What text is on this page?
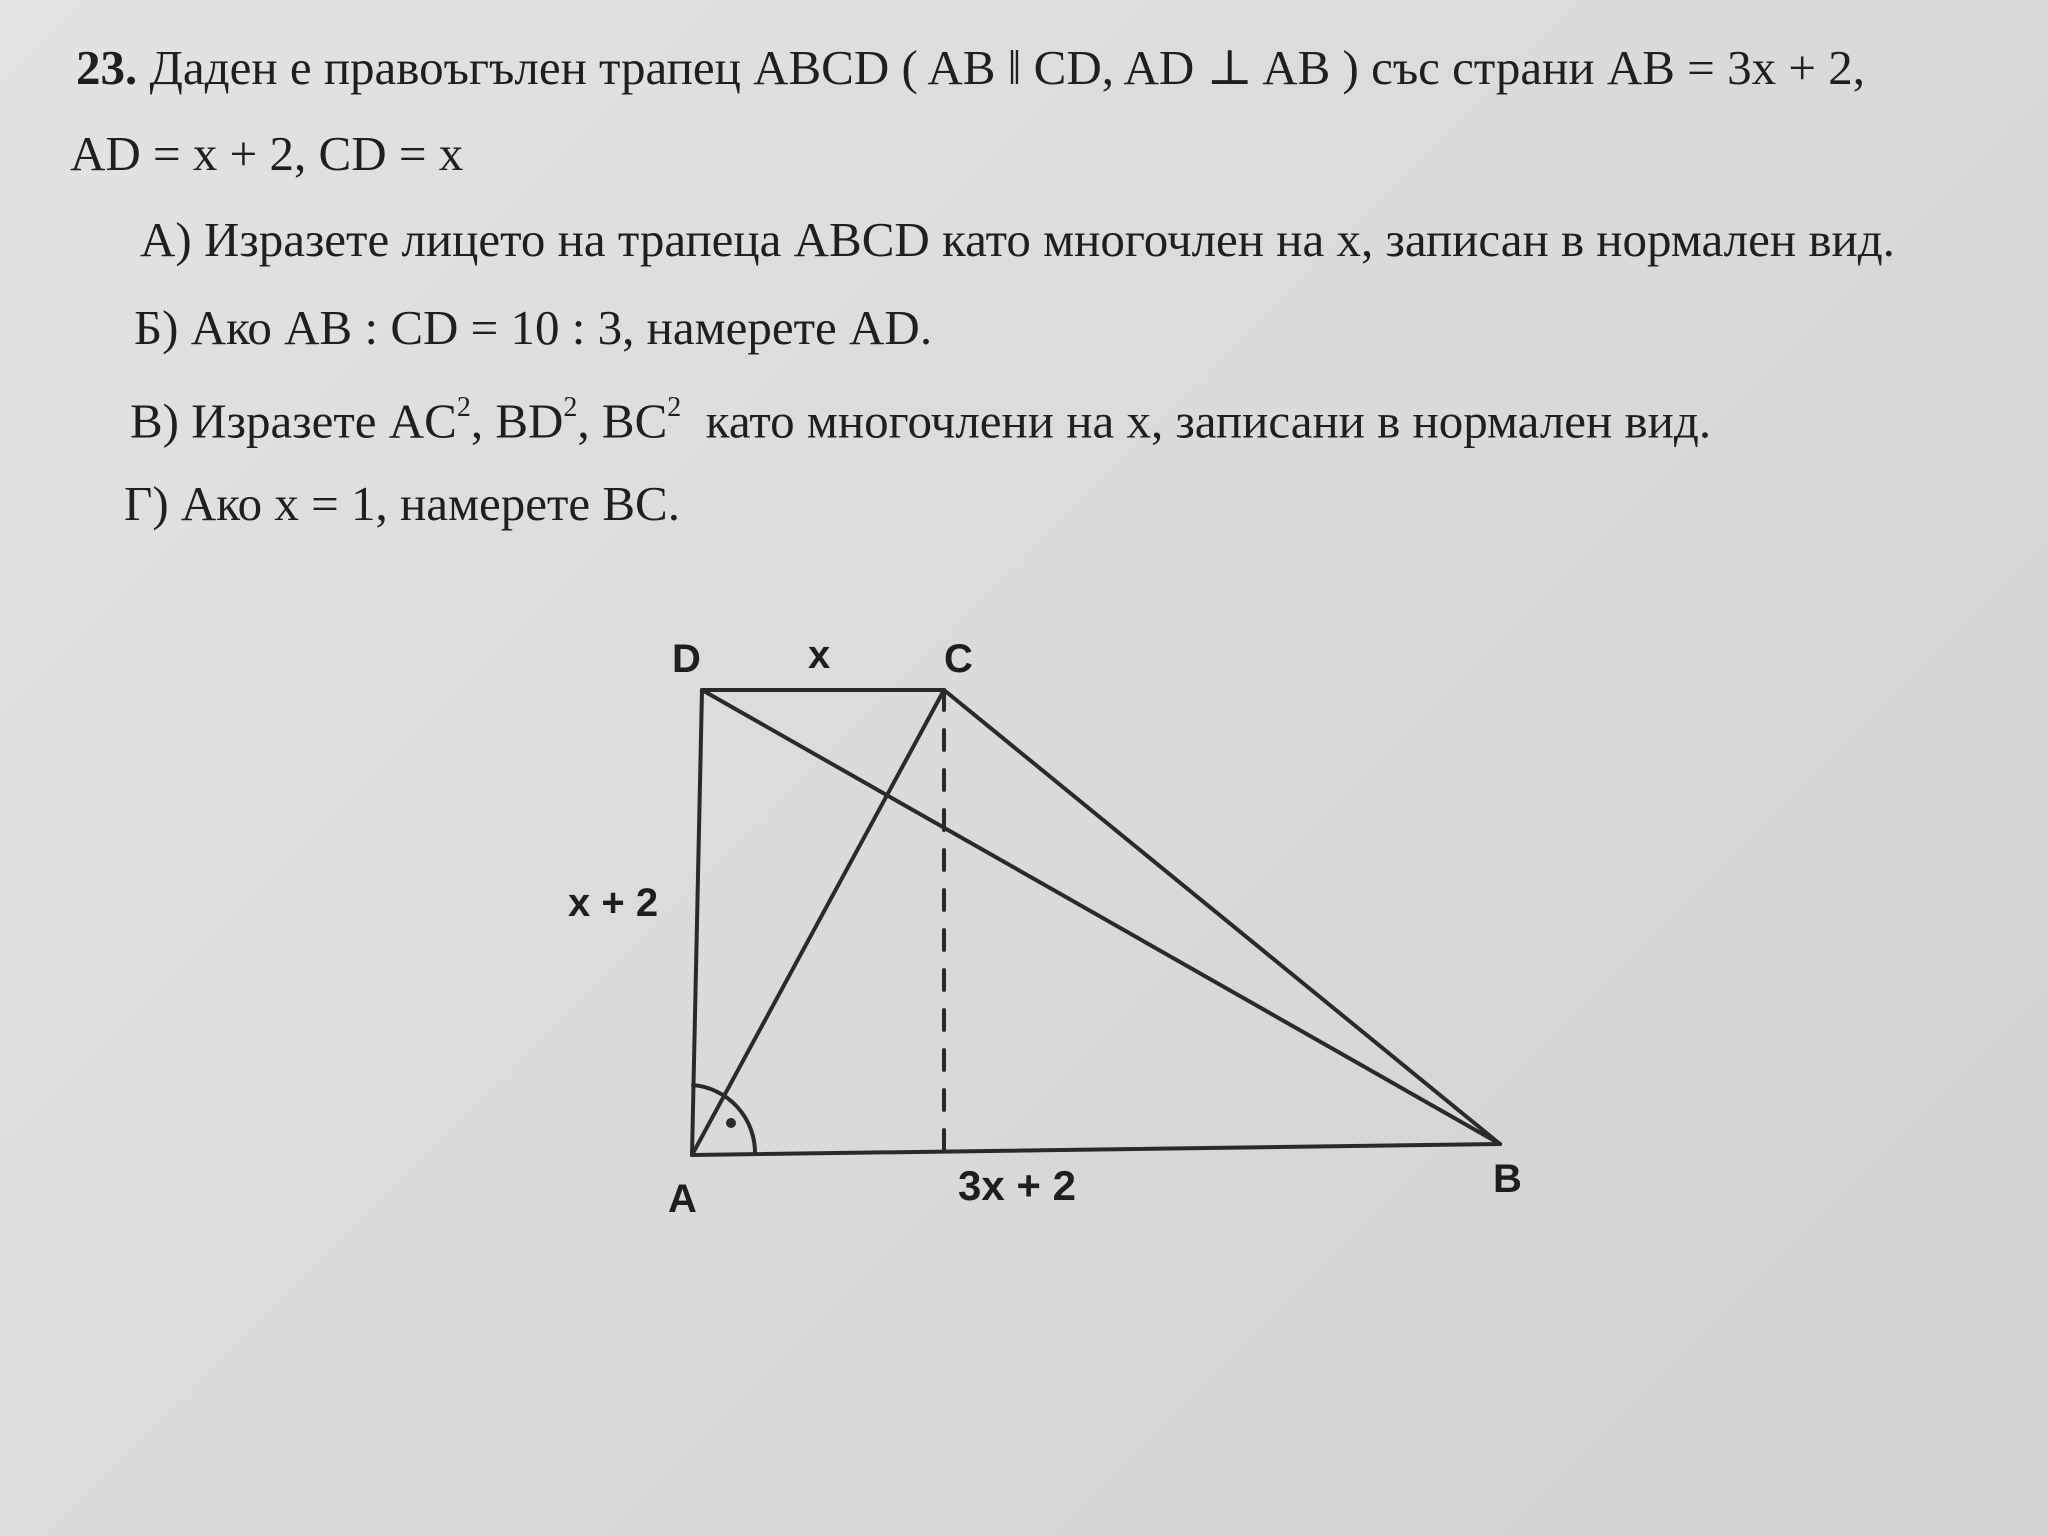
23. Даден е правоъгълен трапец ABCD ( AB ǁ CD, AD ⊥ AB ) със страни AB = 3x + 2,
AD = x + 2, CD = x
А) Изразете лицето на трапеца ABCD като многочлен на x, записан в нормален вид.
Б) Ако AB : CD = 10 : 3, намерете AD.
В) Изразете $AC^2$, $BD^2$, $BC^2$  като многочлени на x, записани в нормален вид.
Г) Ако x = 1, намерете BC.
D	C
A	B
x
x + 2
3x + 2
